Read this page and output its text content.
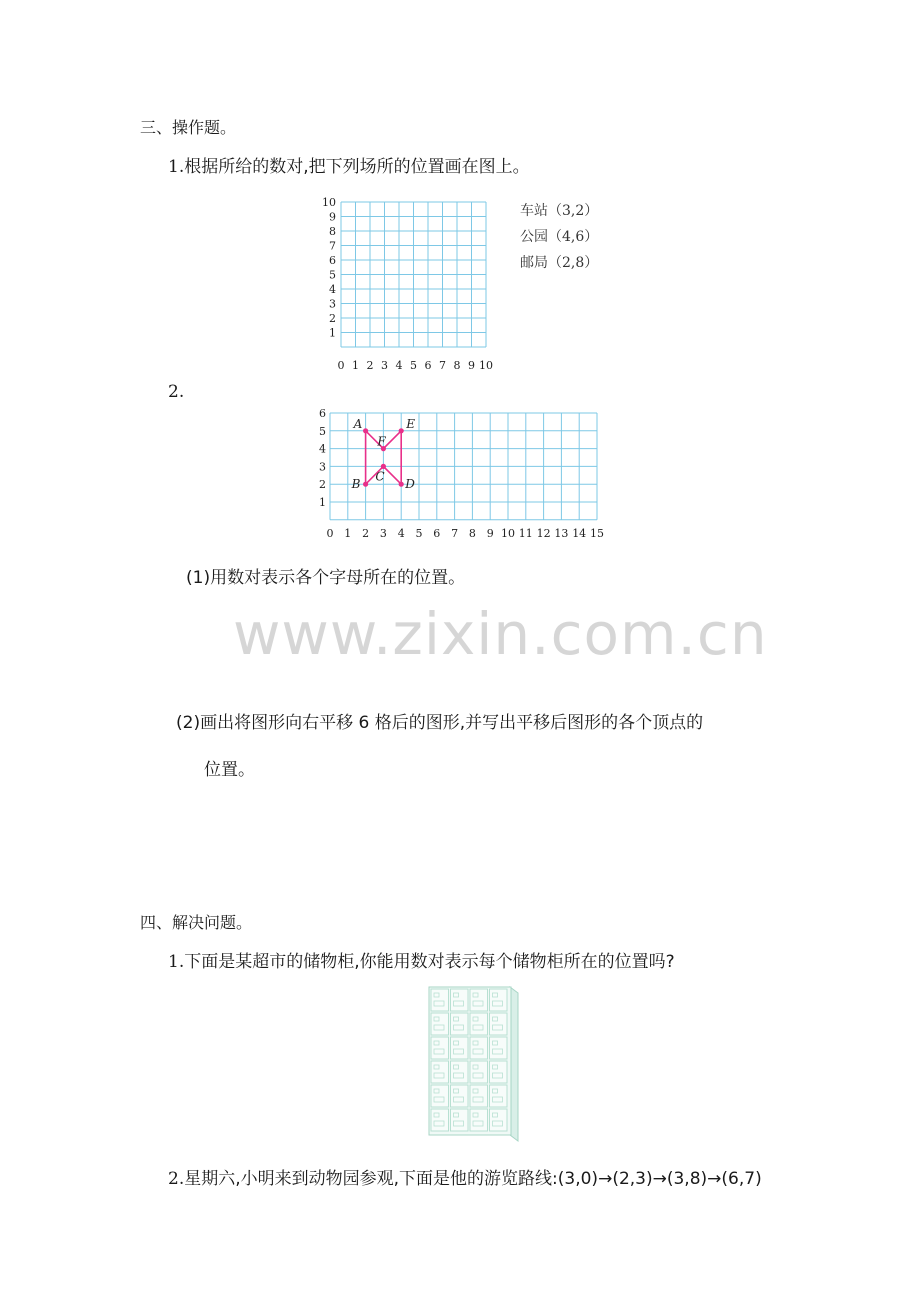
三、操作题。
1.根据所给的数对,把下列场所的位置画在图上。
0 1 2 3 4 5 6 7 8 9 10
1
2
3
4
5
6
7
8
9
10
车站（3,2）
公园（4,6）
邮局（2,8）
2.
A	E
F
C
B	D
0 1 2 3 4 5 6 7 8 9 10 11 12 13 14 15
1
2
3
4
5
6
(1)用数对表示各个字母所在的位置。
www.zixin.com.cn
(2)画出将图形向右平移 6 格后的图形,并写出平移后图形的各个顶点的
位置。
四、解决问题。
1.下面是某超市的储物柜,你能用数对表示每个储物柜所在的位置吗?
2.星期六,小明来到动物园参观,下面是他的游览路线:(3,0)→(2,3)→(3,8)→(6,7)
